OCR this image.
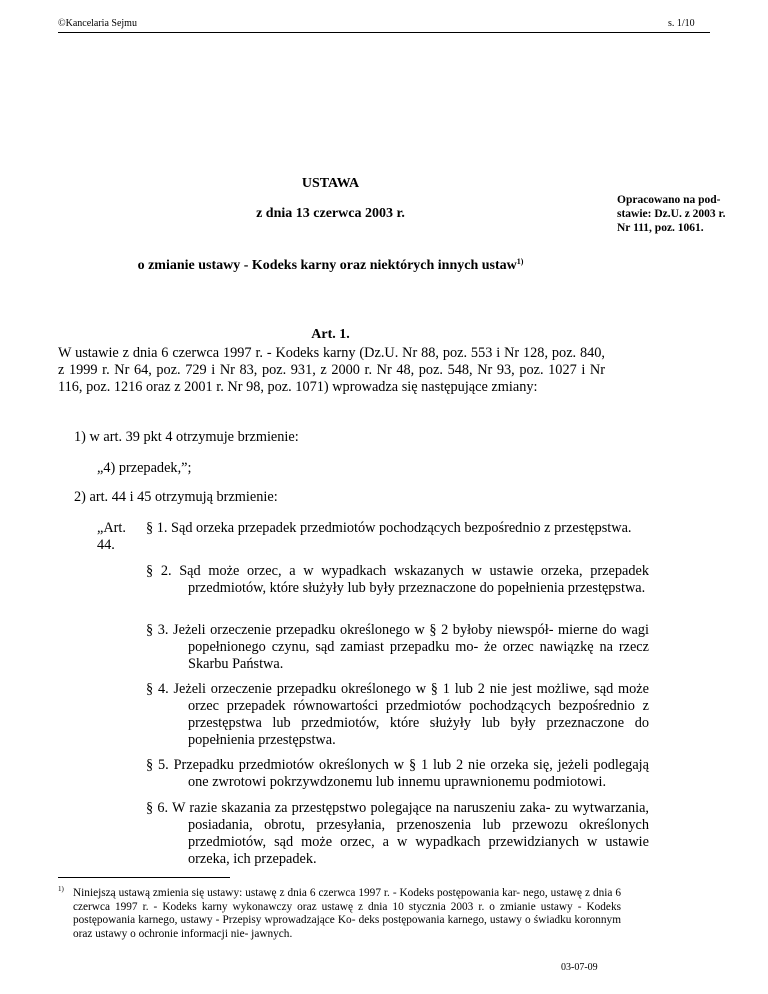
©Kancelaria Sejmu	s. 1/10
USTAWA
z dnia 13 czerwca 2003 r.
o zmianie ustawy - Kodeks karny oraz niektórych innych ustaw$^{1)}$
Opracowano na pod- stawie: Dz.U. z 2003 r. Nr 111, poz. 1061.
Art. 1.
W ustawie z dnia 6 czerwca 1997 r. - Kodeks karny (Dz.U. Nr 88, poz. 553 i Nr 128, poz. 840, z 1999 r. Nr 64, poz. 729 i Nr 83, poz. 931, z 2000 r. Nr 48, poz. 548, Nr 93, poz. 1027 i Nr 116, poz. 1216 oraz z 2001 r. Nr 98, poz. 1071) wprowadza się następujące zmiany:
1) w art. 39 pkt 4 otrzymuje brzmienie:
„4) przepadek,”;
2) art. 44 i 45 otrzymują brzmienie:
„Art. 44.
§ 1. Sąd orzeka przepadek przedmiotów pochodzących bezpośrednio z przestępstwa.
§ 2. Sąd może orzec, a w wypadkach wskazanych w ustawie orzeka, przepadek przedmiotów, które służyły lub były przeznaczone do popełnienia przestępstwa.
§ 3. Jeżeli orzeczenie przepadku określonego w § 2 byłoby niewspół- mierne do wagi popełnionego czynu, sąd zamiast przepadku mo- że orzec nawiązkę na rzecz Skarbu Państwa.
§ 4. Jeżeli orzeczenie przepadku określonego w § 1 lub 2 nie jest możliwe, sąd może orzec przepadek równowartości przedmiotów pochodzących bezpośrednio z przestępstwa lub przedmiotów, które służyły lub były przeznaczone do popełnienia przestępstwa.
§ 5. Przepadku przedmiotów określonych w § 1 lub 2 nie orzeka się, jeżeli podlegają one zwrotowi pokrzywdzonemu lub innemu uprawnionemu podmiotowi.
§ 6. W razie skazania za przestępstwo polegające na naruszeniu zaka- zu wytwarzania, posiadania, obrotu, przesyłania, przenoszenia lub przewozu określonych przedmiotów, sąd może orzec, a w wypadkach przewidzianych w ustawie orzeka, ich przepadek.
$^{1)}$ Niniejszą ustawą zmienia się ustawy: ustawę z dnia 6 czerwca 1997 r. - Kodeks postępowania kar- nego, ustawę z dnia 6 czerwca 1997 r. - Kodeks karny wykonawczy oraz ustawę z dnia 10 stycznia 2003 r. o zmianie ustawy - Kodeks postępowania karnego, ustawy - Przepisy wprowadzające Ko- deks postępowania karnego, ustawy o świadku koronnym oraz ustawy o ochronie informacji nie- jawnych.
03-07-09
